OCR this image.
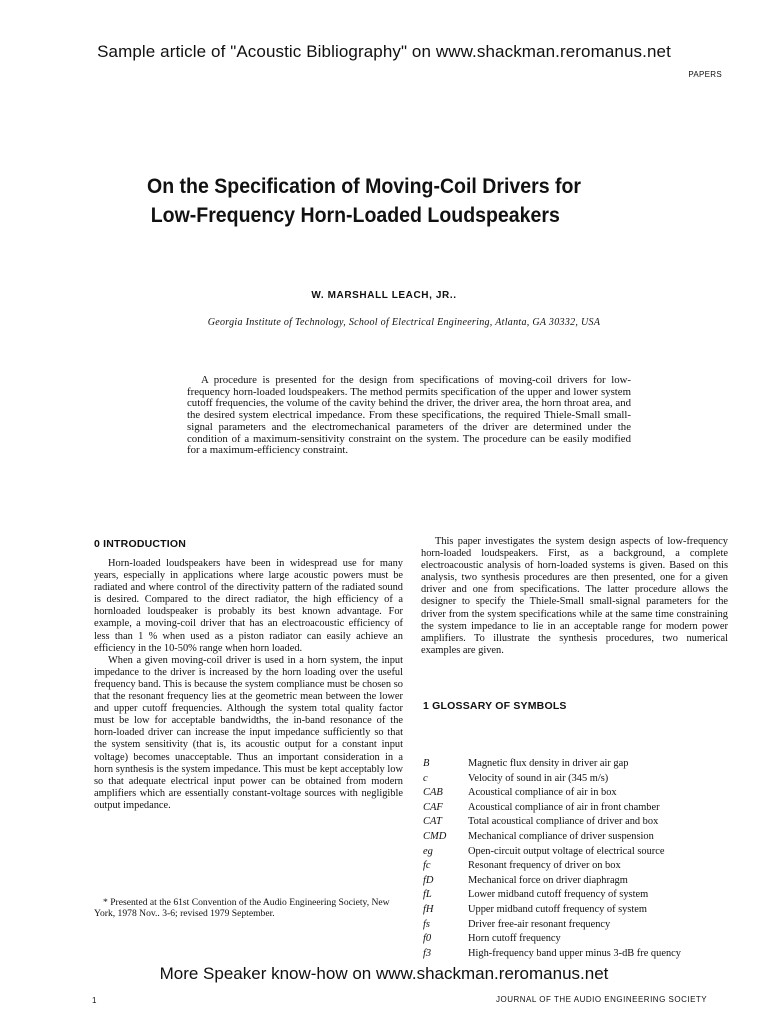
Sample article of "Acoustic Bibliography" on www.shackman.reromanus.net
PAPERS
On the Specification of Moving-Coil Drivers for
Low-Frequency Horn-Loaded Loudspeakers
W. MARSHALL LEACH, JR..
Georgia Institute of Technology, School of Electrical Engineering, Atlanta, GA 30332, USA
A procedure is presented for the design from specifications of moving-coil drivers for low-frequency horn-loaded loudspeakers. The method permits specification of the upper and lower system cutoff frequencies, the volume of the cavity behind the driver, the driver area, the horn throat area, and the desired system electrical impedance. From these specifications, the required Thiele-Small small-signal parameters and the electromechanical parameters of the driver are determined under the condition of a maximum-sensitivity constraint on the system. The procedure can be easily modified for a maximum-efficiency constraint.
0 INTRODUCTION

Horn-loaded loudspeakers have been in widespread use for many years, especially in applications where large acoustic powers must be radiated and where control of the directivity pattern of the radiated sound is desired. Compared to the direct radiator, the high efficiency of a hornloaded loudspeaker is probably its best known advantage. For example, a moving-coil driver that has an electroacoustic efficiency of less than 1 % when used as a piston radiator can easily achieve an efficiency in the 10-50% range when horn loaded.

When a given moving-coil driver is used in a horn system, the input impedance to the driver is increased by the horn loading over the useful frequency band. This is because the system compliance must be chosen so that the resonant frequency lies at the geometric mean between the lower and upper cutoff frequencies. Although the system total quality factor must be low for acceptable bandwidths, the in-band resonance of the horn-loaded driver can increase the input impedance sufficiently so that the system sensitivity (that is, its acoustic output for a constant input voltage) becomes unacceptable. Thus an important consideration in a horn synthesis is the system impedance. This must be kept acceptably low so that adequate electrical input power can be obtained from modern amplifiers which are essentially constant-voltage sources with negligible output impedance.

* Presented at the 61st Convention of the Audio Engineering Society, New York, 1978 Nov.. 3-6; revised 1979 September.

This paper investigates the system design aspects of low-frequency horn-loaded loudspeakers. First, as a background, a complete electroacoustic analysis of horn-loaded systems is given. Based on this analysis, two synthesis procedures are then presented, one for a given driver and one from specifications. The latter procedure allows the designer to specify the Thiele-Small small-signal parameters for the driver from the system specifications while at the same time constraining the system impedance to lie in an acceptable range for modern power amplifiers. To illustrate the synthesis procedures, two numerical examples are given.

1 GLOSSARY OF SYMBOLS
B	Magnetic flux density in driver air gap
c	Velocity of sound in air (345 m/s)
CAB	Acoustical compliance of air in box
CAF	Acoustical compliance of air in front chamber
CAT	Total acoustical compliance of driver and box
CMD	Mechanical compliance of driver suspension
eg	Open-circuit output voltage of electrical source
fc	Resonant frequency of driver on box
fD	Mechanical force on driver diaphragm
fL	Lower midband cutoff frequency of system
fH	Upper midband cutoff frequency of system
fs	Driver free-air resonant frequency
f0	Horn cutoff frequency
f3	High-frequency band upper minus 3-dB fre quency
More Speaker know-how on www.shackman.reromanus.net
1	JOURNAL OF THE AUDIO ENGINEERING SOCIETY
